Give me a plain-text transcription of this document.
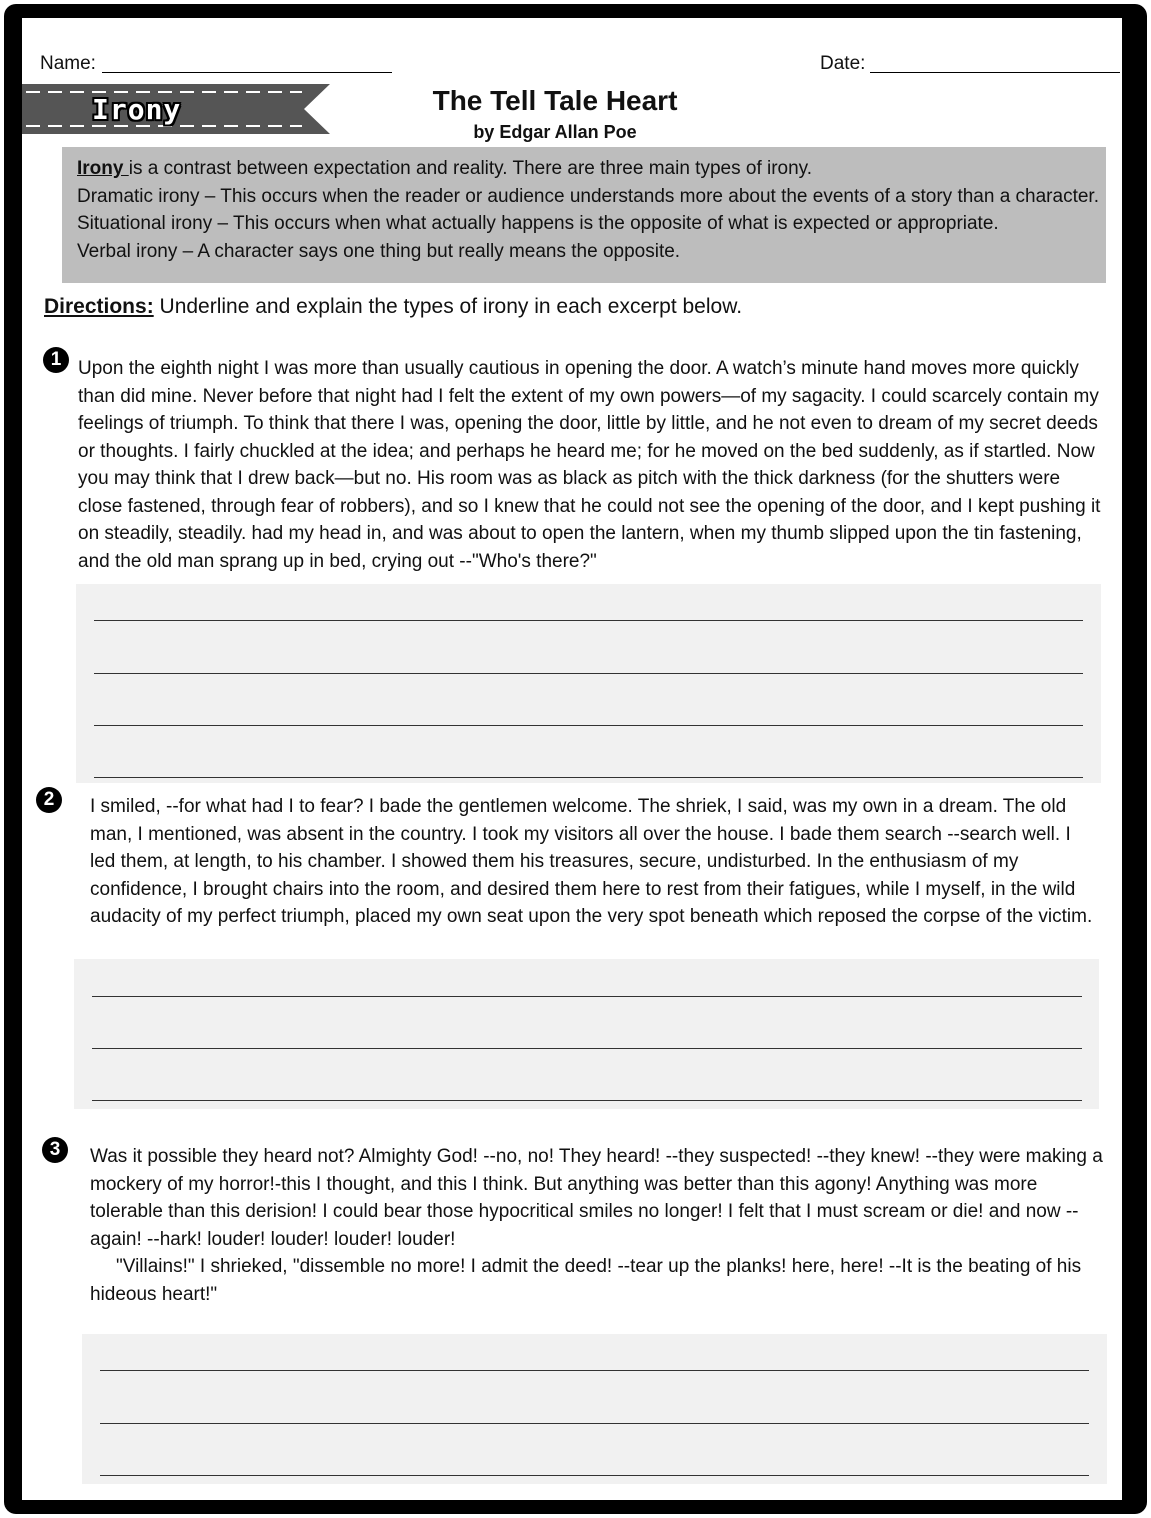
Name:	Date:
Irony	The Tell Tale Heart
by Edgar Allan Poe
Irony is a contrast between expectation and reality. There are three main types of irony.
Dramatic irony – This occurs when the reader or audience understands more about the events of a story than a character.
Situational irony – This occurs when what actually happens is the opposite of what is expected or appropriate.
Verbal irony – A character says one thing but really means the opposite.
Directions: Underline and explain the types of irony in each excerpt below.
1 Upon the eighth night I was more than usually cautious in opening the door. A watch’s minute hand moves more quickly than did mine. Never before that night had I felt the extent of my own powers—of my sagacity. I could scarcely contain my feelings of triumph. To think that there I was, opening the door, little by little, and he not even to dream of my secret deeds or thoughts. I fairly chuckled at the idea; and perhaps he heard me; for he moved on the bed suddenly, as if startled. Now you may think that I drew back—but no. His room was as black as pitch with the thick darkness (for the shutters were close fastened, through fear of robbers), and so I knew that he could not see the opening of the door, and I kept pushing it on steadily, steadily. had my head in, and was about to open the lantern, when my thumb slipped upon the tin fastening, and the old man sprang up in bed, crying out --"Who's there?"

2	I smiled, --for what had I to fear? I bade the gentlemen welcome. The shriek, I said, was my own in a dream. The old man, I mentioned, was absent in the country. I took my visitors all over the house. I bade them search --search well. I led them, at length, to his chamber. I showed them his treasures, secure, undisturbed. In the enthusiasm of my confidence, I brought chairs into the room, and desired them here to rest from their fatigues, while I myself, in the wild audacity of my perfect triumph, placed my own seat upon the very spot beneath which reposed the corpse of the victim.

3	Was it possible they heard not? Almighty God! --no, no! They heard! --they suspected! --they knew! --they were making a mockery of my horror!-this I thought, and this I think. But anything was better than this agony! Anything was more tolerable than this derision! I could bear those hypocritical smiles no longer! I felt that I must scream or die! and now --again! --hark! louder! louder! louder! louder!

"Villains!" I shrieked, "dissemble no more! I admit the deed! --tear up the planks! here, here! --It is the beating of his hideous heart!"
